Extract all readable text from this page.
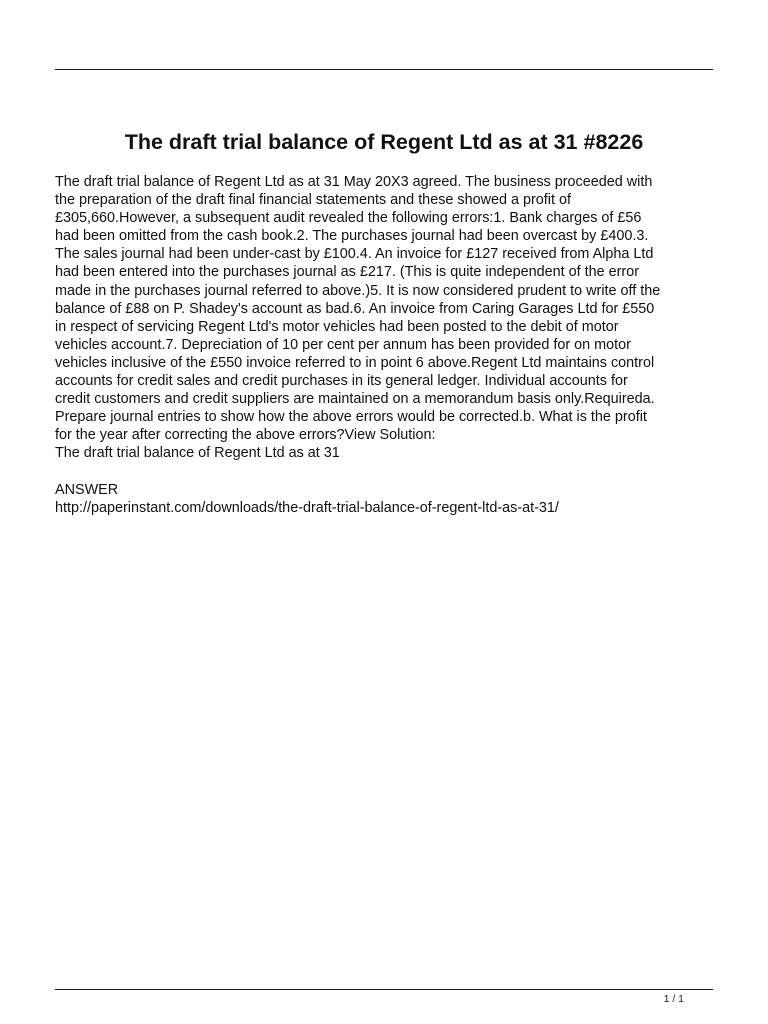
The draft trial balance of Regent Ltd as at 31 #8226
The draft trial balance of Regent Ltd as at 31 May 20X3 agreed. The business proceeded with
the preparation of the draft final financial statements and these showed a profit of
£305,660.However, a subsequent audit revealed the following errors:1. Bank charges of £56
had been omitted from the cash book.2. The purchases journal had been overcast by £400.3.
The sales journal had been under-cast by £100.4. An invoice for £127 received from Alpha Ltd
had been entered into the purchases journal as £217. (This is quite independent of the error
made in the purchases journal referred to above.)5. It is now considered prudent to write off the
balance of £88 on P. Shadey's account as bad.6. An invoice from Caring Garages Ltd for £550
in respect of servicing Regent Ltd's motor vehicles had been posted to the debit of motor
vehicles account.7. Depreciation of 10 per cent per annum has been provided for on motor
vehicles inclusive of the £550 invoice referred to in point 6 above.Regent Ltd maintains control
accounts for credit sales and credit purchases in its general ledger. Individual accounts for
credit customers and credit suppliers are maintained on a memorandum basis only.Requireda.
Prepare journal entries to show how the above errors would be corrected.b. What is the profit
for the year after correcting the above errors?View Solution:
The draft trial balance of Regent Ltd as at 31
ANSWER
http://paperinstant.com/downloads/the-draft-trial-balance-of-regent-ltd-as-at-31/
1 / 1
